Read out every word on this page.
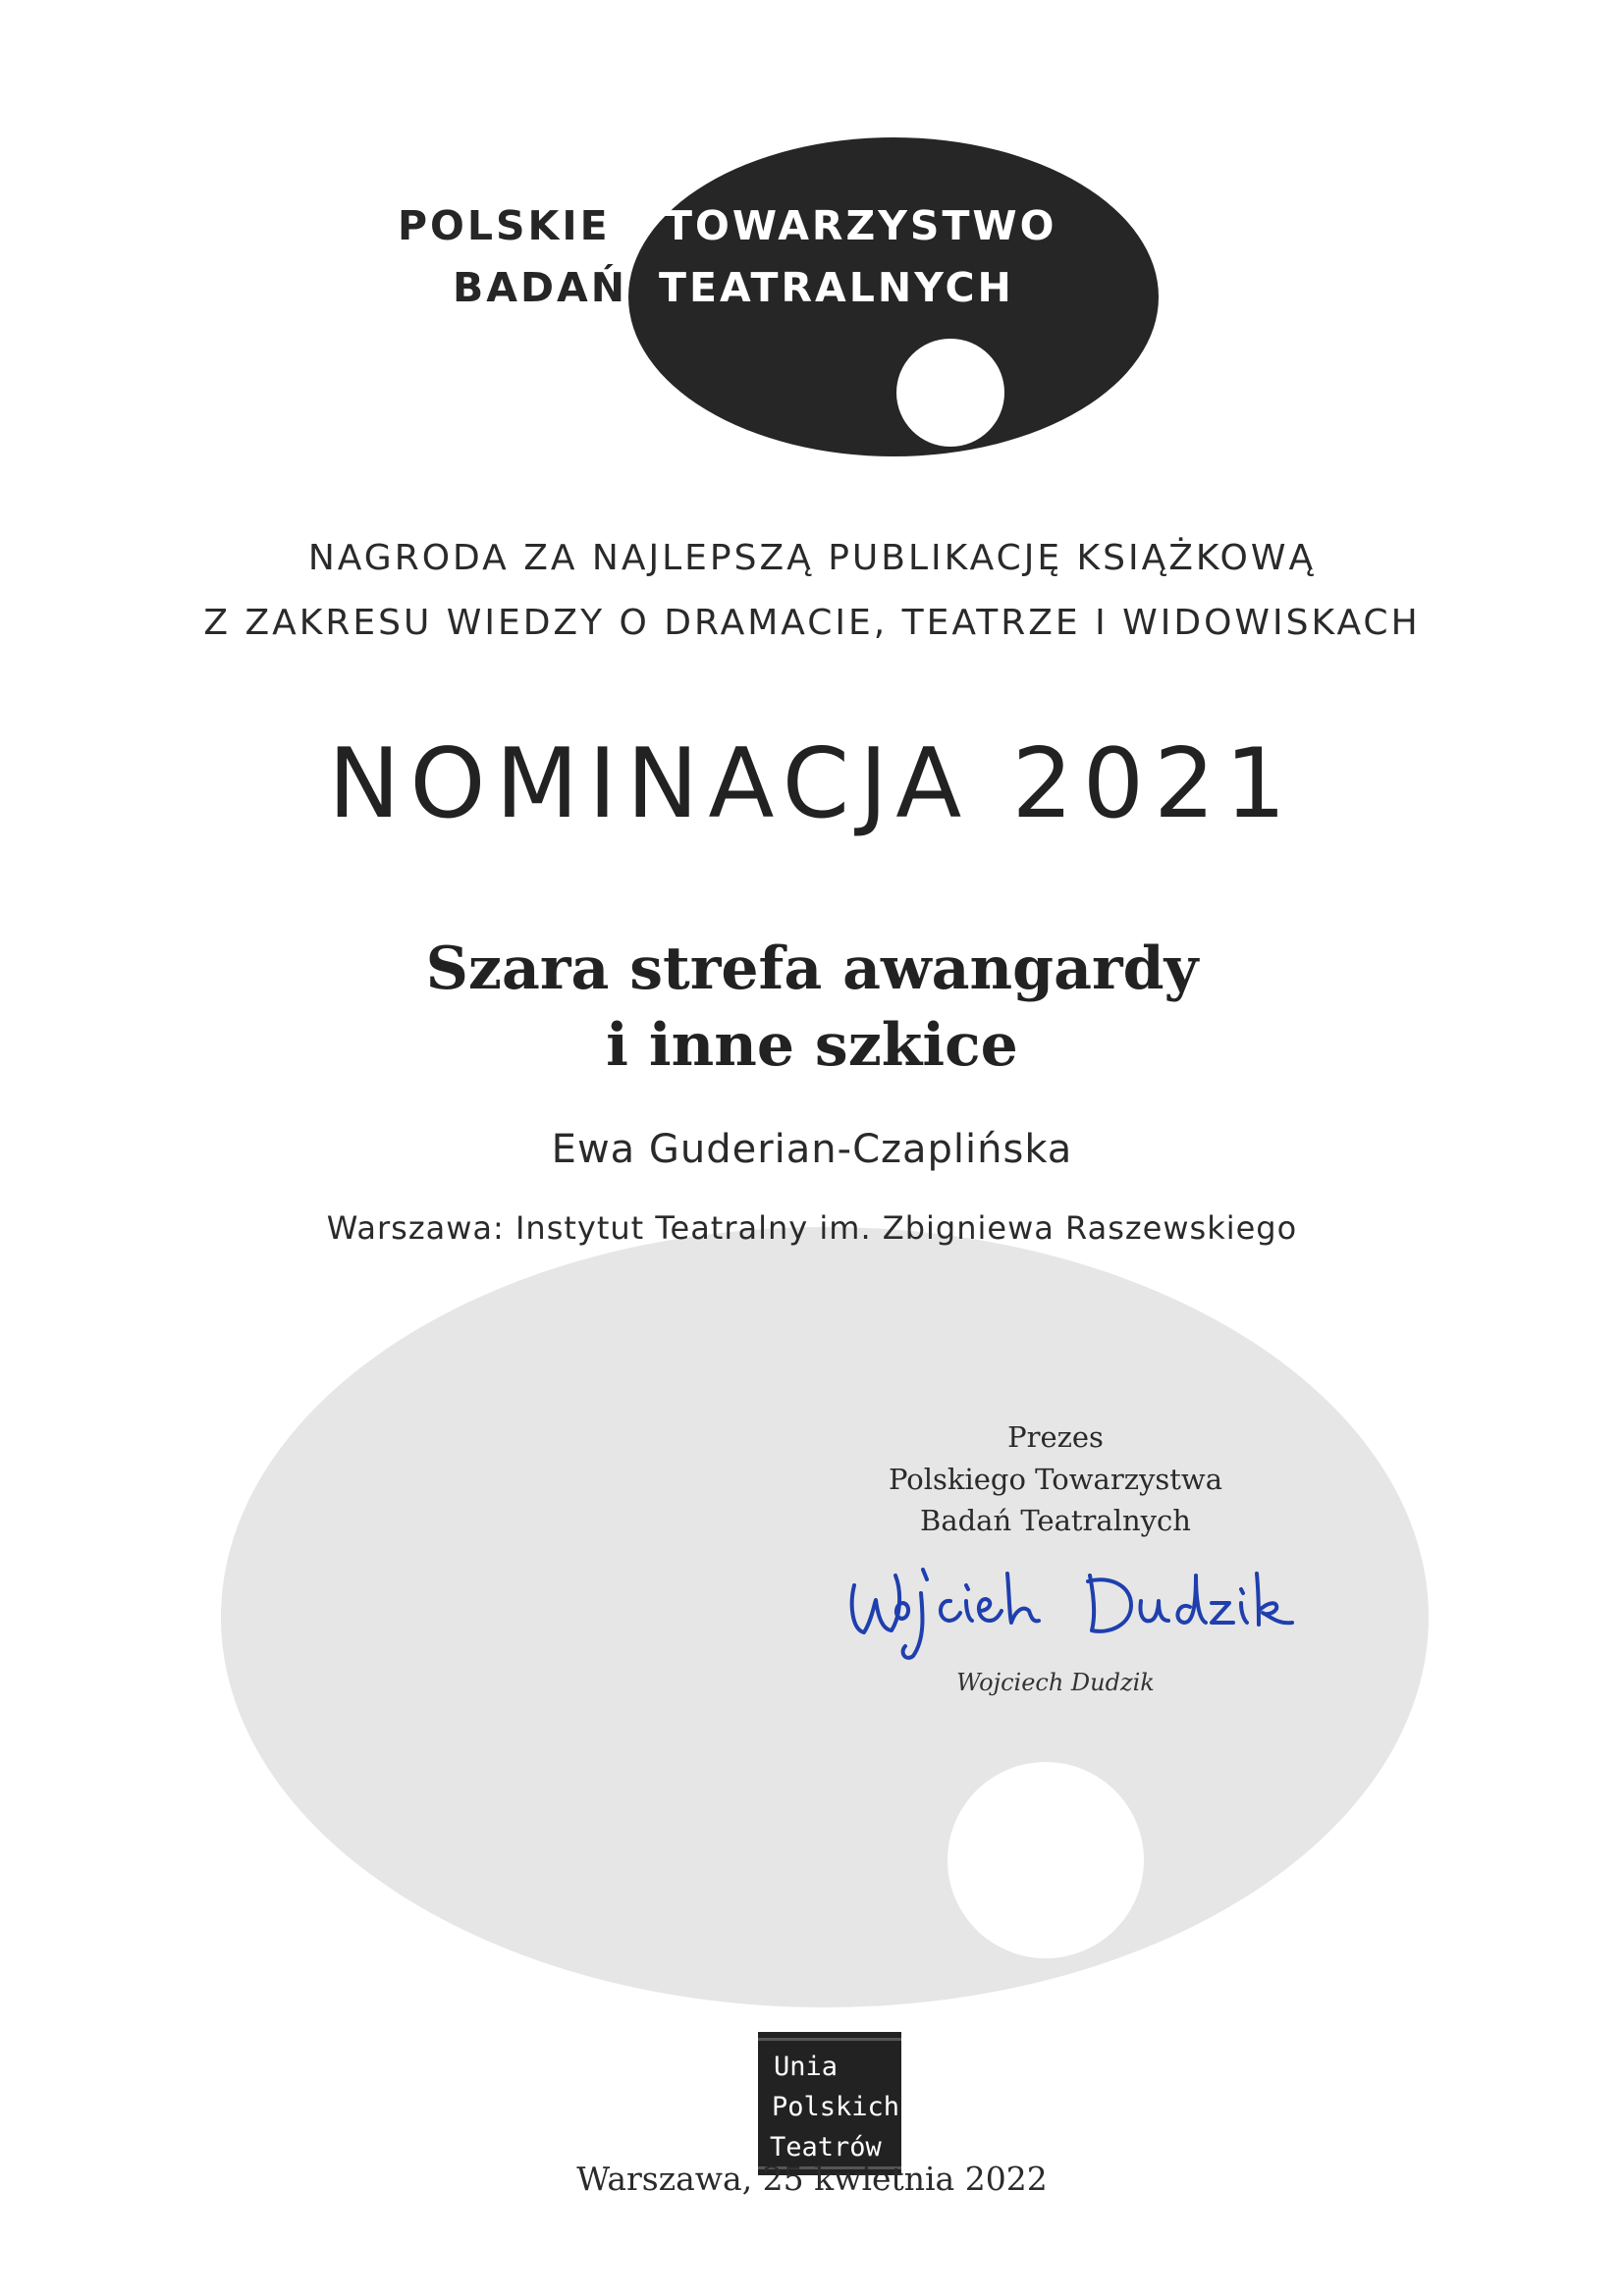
POLSKIE TOWARZYSTWO
BADAŃ TEATRALNYCH
NAGRODA ZA NAJLEPSZĄ PUBLIKACJĘ KSIĄŻKOWĄ
Z ZAKRESU WIEDZY O DRAMACIE, TEATRZE I WIDOWISKACH
NOMINACJA 2021
Szara strefa awangardy
i inne szkice
Ewa Guderian-Czaplińska
Warszawa: Instytut Teatralny im. Zbigniewa Raszewskiego
Prezes
Polskiego Towarzystwa
Badań Teatralnych
Wojciech Dudzik
Unia
Polskich
Teatrów
Warszawa, 25 kwietnia 2022
